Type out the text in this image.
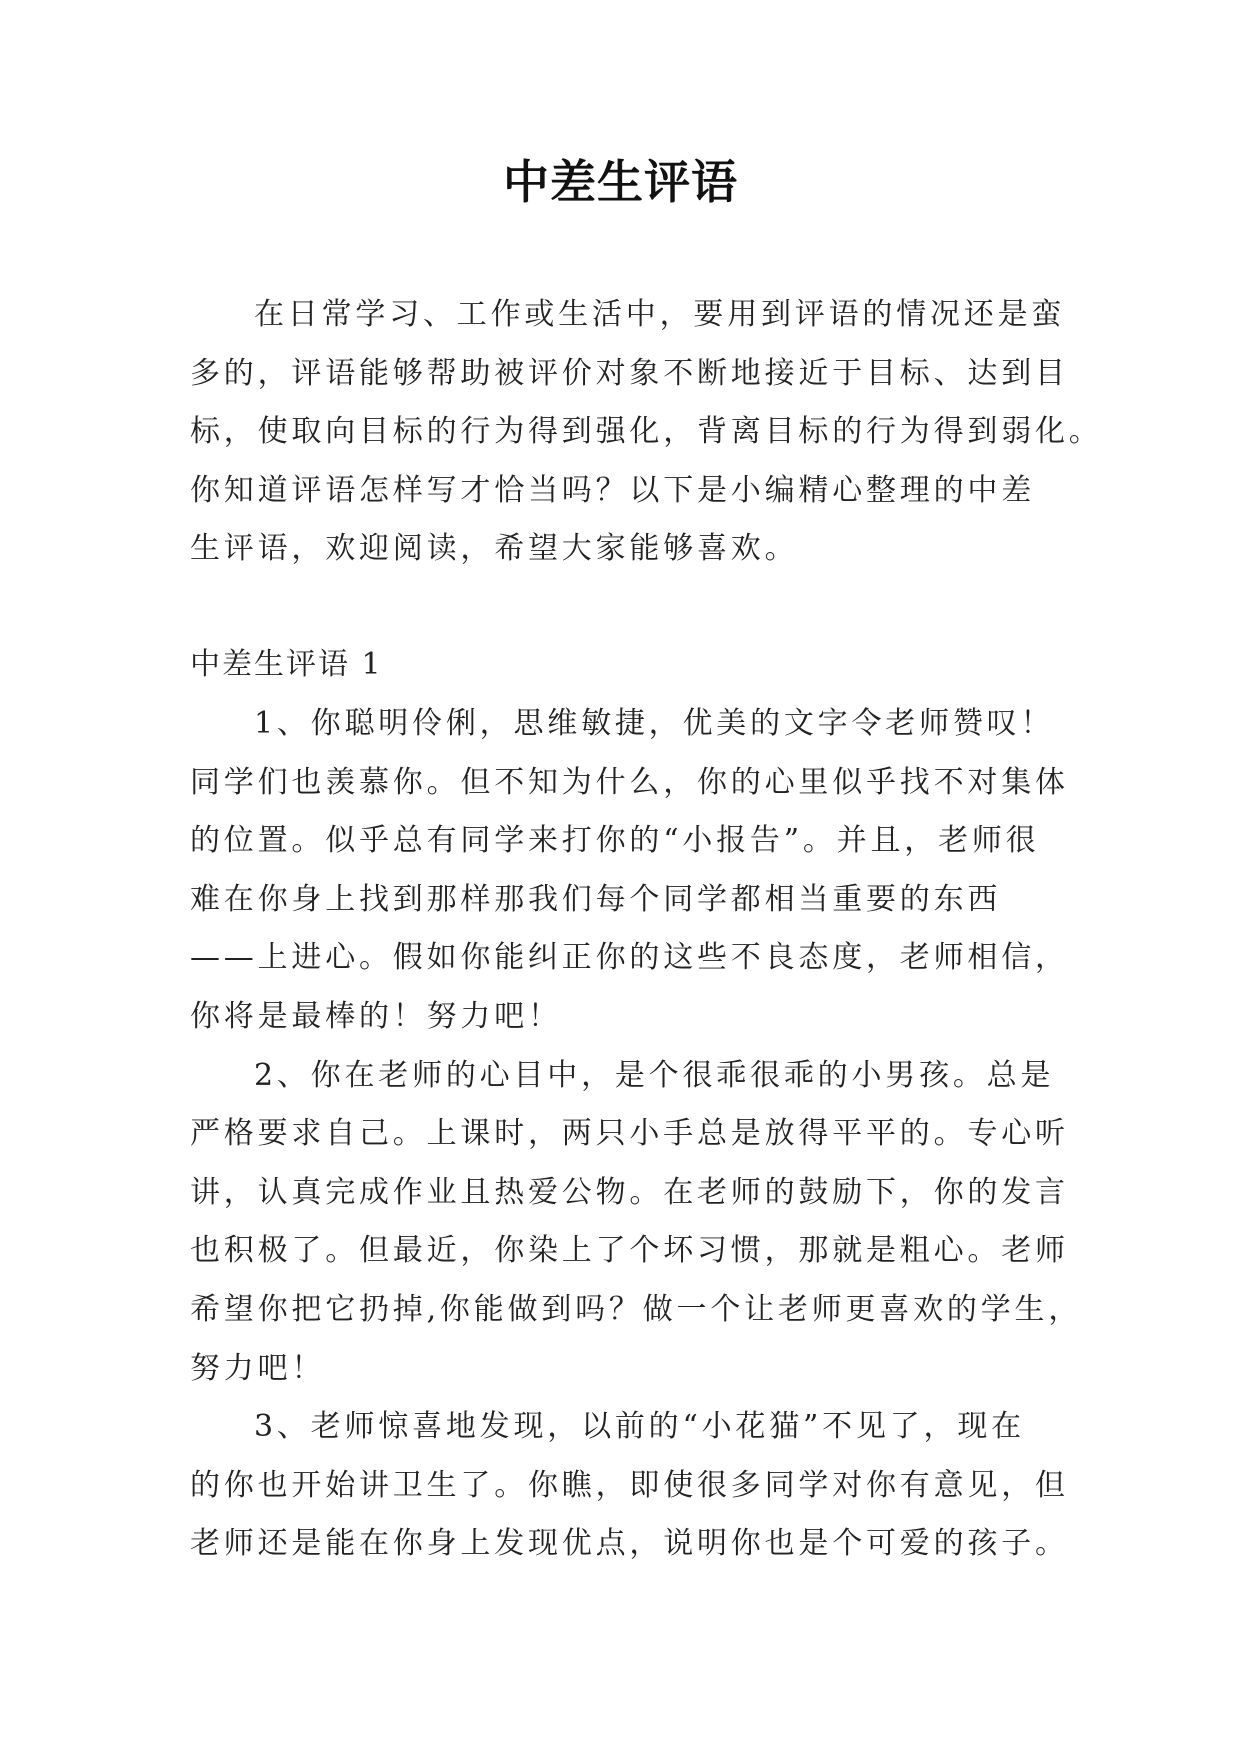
中差生评语
在日常学习、工作或生活中，要用到评语的情况还是蛮
多的，评语能够帮助被评价对象不断地接近于目标、达到目
标，使取向目标的行为得到强化，背离目标的行为得到弱化。
你知道评语怎样写才恰当吗？以下是小编精心整理的中差
生评语，欢迎阅读，希望大家能够喜欢。
中差生评语 1
1、你聪明伶俐，思维敏捷，优美的文字令老师赞叹！
同学们也羡慕你。但不知为什么，你的心里似乎找不对集体
的位置。似乎总有同学来打你的“小报告”。并且，老师很
难在你身上找到那样那我们每个同学都相当重要的东西
——上进心。假如你能纠正你的这些不良态度，老师相信，
你将是最棒的！努力吧！
2、你在老师的心目中，是个很乖很乖的小男孩。总是
严格要求自己。上课时，两只小手总是放得平平的。专心听
讲，认真完成作业且热爱公物。在老师的鼓励下，你的发言
也积极了。但最近，你染上了个坏习惯，那就是粗心。老师
希望你把它扔掉,你能做到吗？做一个让老师更喜欢的学生，
努力吧！
3、老师惊喜地发现，以前的“小花猫”不见了，现在
的你也开始讲卫生了。你瞧，即使很多同学对你有意见，但
老师还是能在你身上发现优点，说明你也是个可爱的孩子。
